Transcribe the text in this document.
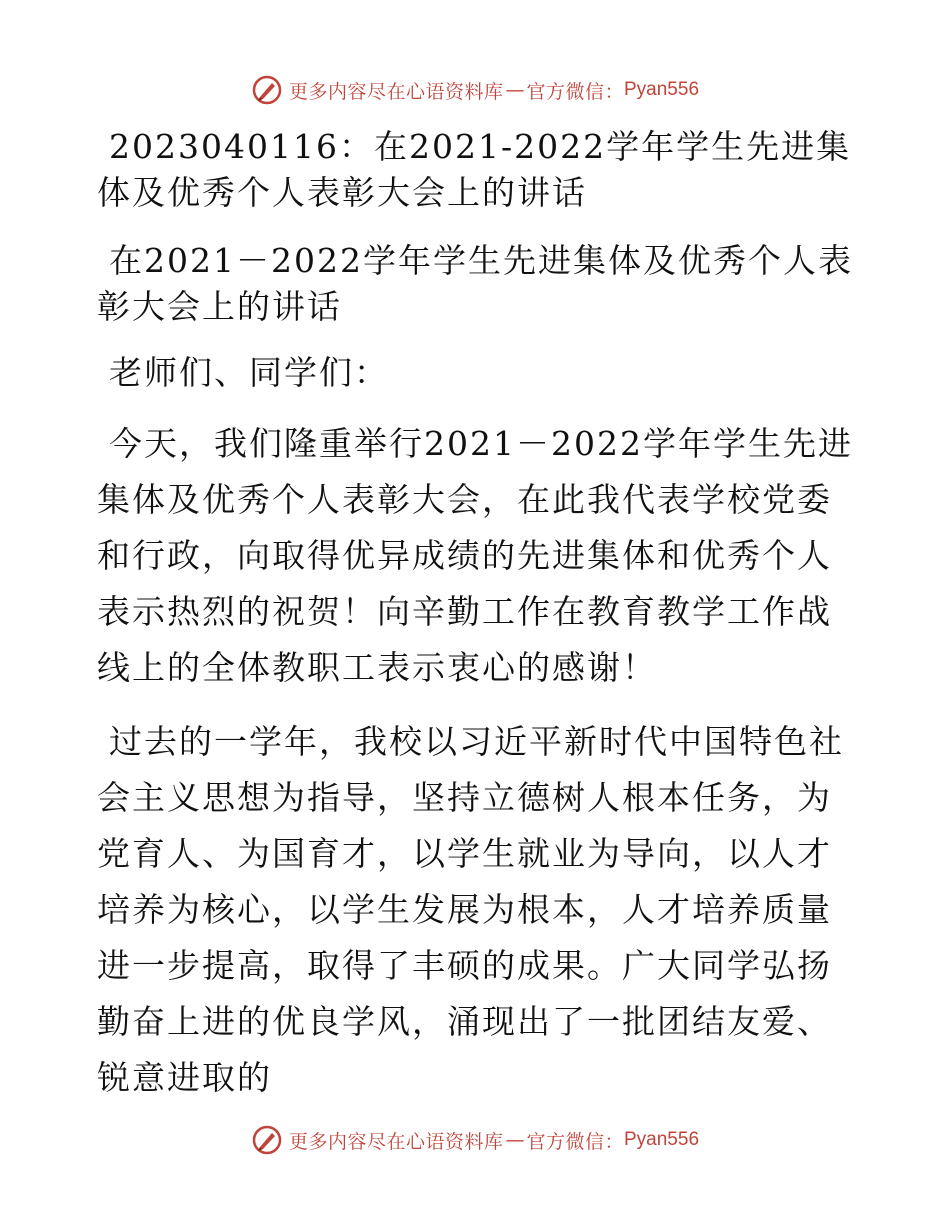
更多内容尽在心语资料库 — 官方微信： Pyan556

2023040116：在2021-2022学年学生先进集体及优秀个人表彰大会上的讲话

在2021－2022学年学生先进集体及优秀个人表彰大会上的讲话

老师们、同学们：

今天，我们隆重举行2021－2022学年学生先进集体及优秀个人表彰大会，在此我代表学校党委和行政，向取得优异成绩的先进集体和优秀个人表示热烈的祝贺！向辛勤工作在教育教学工作战线上的全体教职工表示衷心的感谢！

过去的一学年，我校以习近平新时代中国特色社会主义思想为指导，坚持立德树人根本任务，为党育人、为国育才，以学生就业为导向，以人才培养为核心，以学生发展为根本，人才培养质量进一步提高，取得了丰硕的成果。广大同学弘扬勤奋上进的优良学风，涌现出了一批团结友爱、锐意进取的

更多内容尽在心语资料库 — 官方微信： Pyan556
